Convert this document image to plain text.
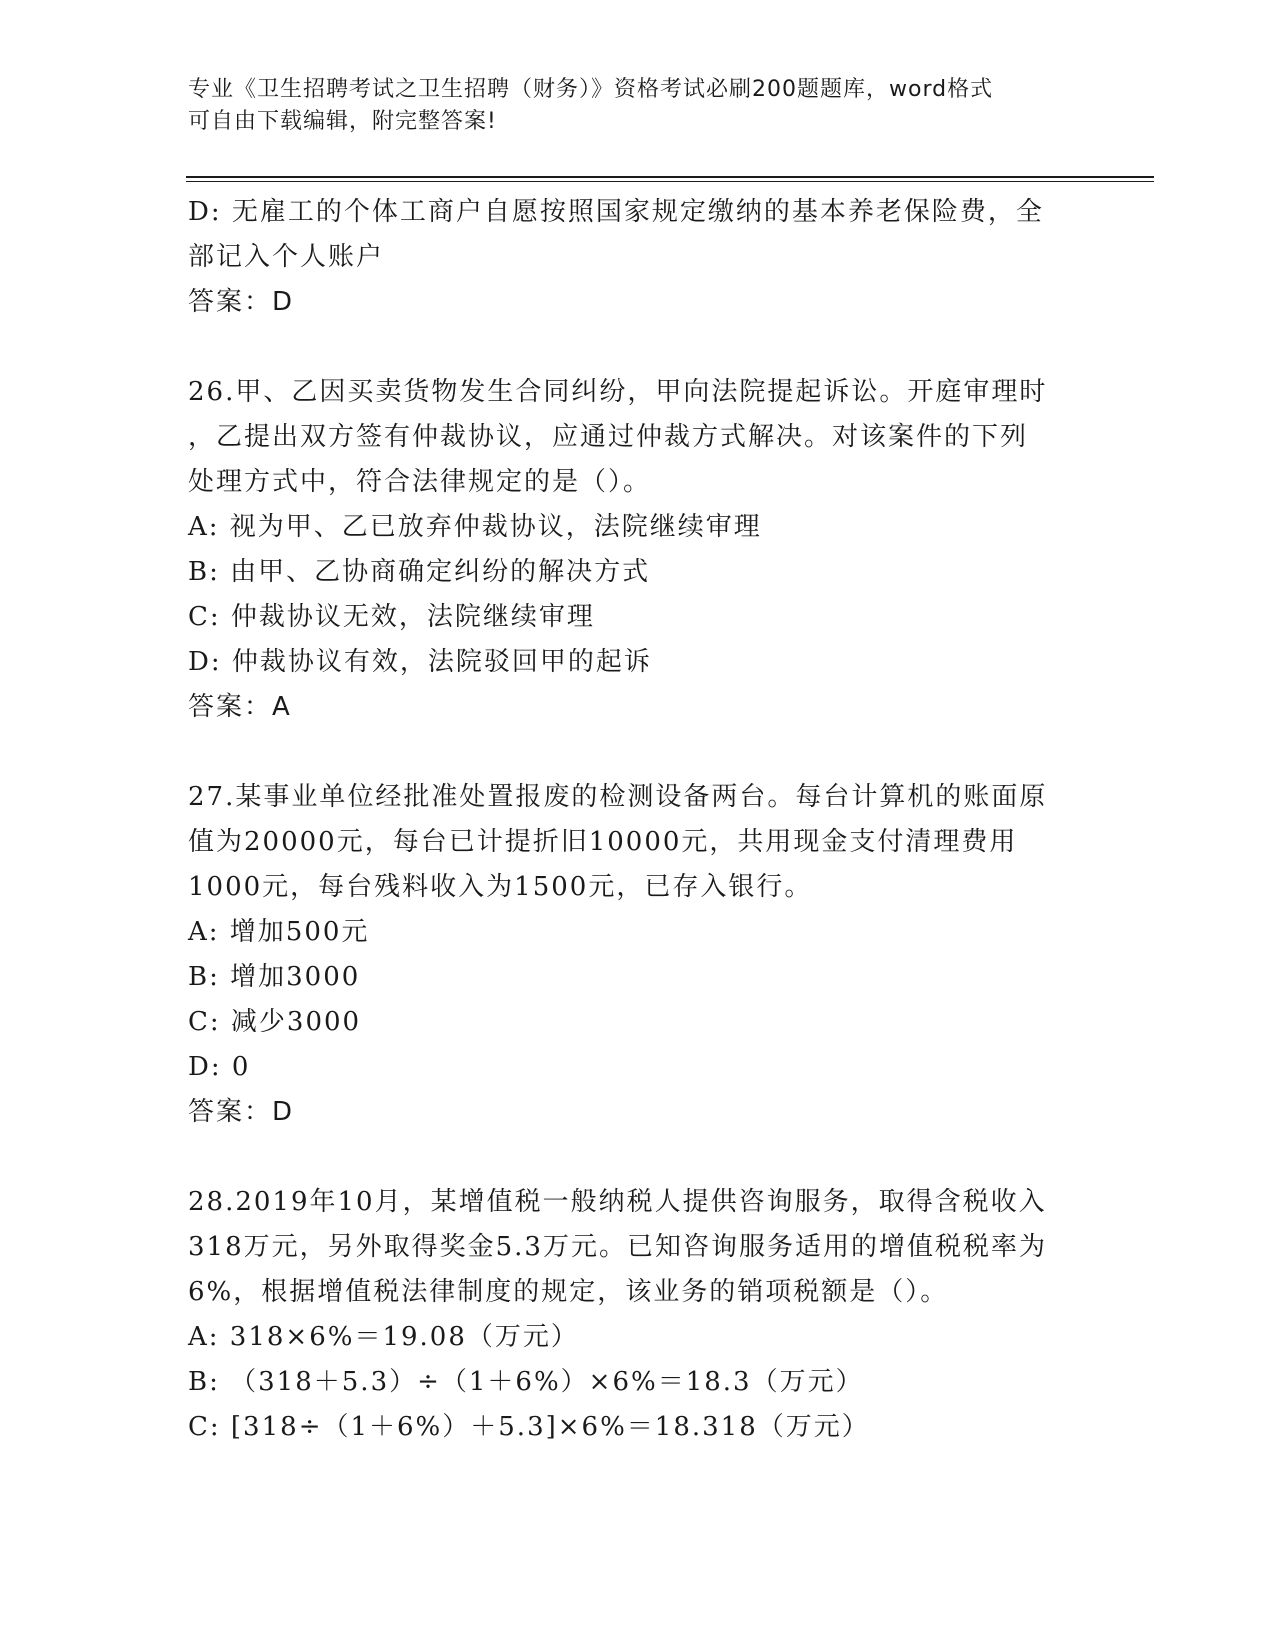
专业《卫生招聘考试之卫生招聘（财务）》资格考试必刷200题题库，word格式
可自由下载编辑，附完整答案!
D: 无雇工的个体工商户自愿按照国家规定缴纳的基本养老保险费，全
部记入个人账户
答案：D
26.甲、乙因买卖货物发生合同纠纷，甲向法院提起诉讼。开庭审理时
，乙提出双方签有仲裁协议，应通过仲裁方式解决。对该案件的下列
处理方式中，符合法律规定的是（）。
A: 视为甲、乙已放弃仲裁协议，法院继续审理
B: 由甲、乙协商确定纠纷的解决方式
C: 仲裁协议无效，法院继续审理
D: 仲裁协议有效，法院驳回甲的起诉
答案：A
27.某事业单位经批准处置报废的检测设备两台。每台计算机的账面原
值为20000元，每台已计提折旧10000元，共用现金支付清理费用
1000元，每台残料收入为1500元，已存入银行。
A: 增加500元
B: 增加3000
C: 减少3000
D: 0
答案：D
28.2019年10月，某增值税一般纳税人提供咨询服务，取得含税收入
318万元，另外取得奖金5.3万元。已知咨询服务适用的增值税税率为
6%，根据增值税法律制度的规定，该业务的销项税额是（）。
A: 318×6%＝19.08（万元）
B: （318＋5.3）÷（1＋6%）×6%＝18.3（万元）
C: [318÷（1＋6%）＋5.3]×6%＝18.318（万元）
